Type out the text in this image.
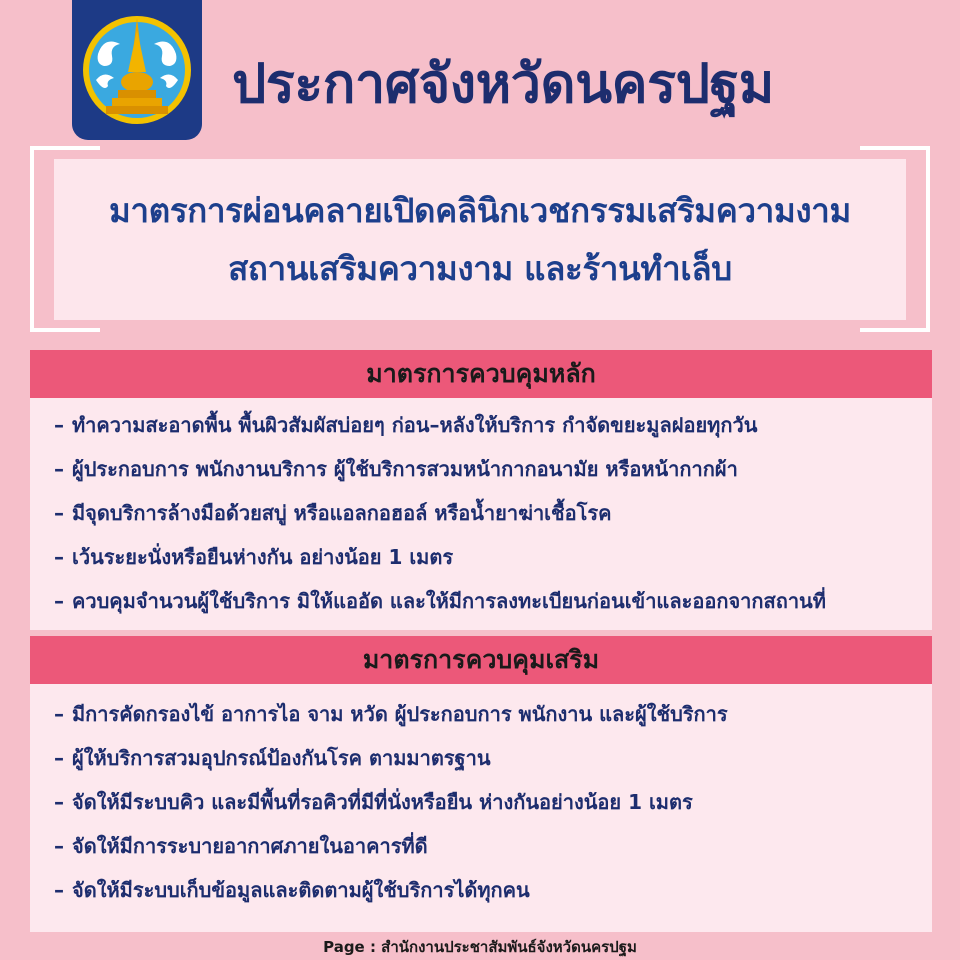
ประกาศจังหวัดนครปฐม
มาตรการผ่อนคลายเปิดคลินิกเวชกรรมเสริมความงาม
สถานเสริมความงาม และร้านทำเล็บ
มาตรการควบคุมหลัก
– ทำความสะอาดพื้น พื้นผิวสัมผัสบ่อยๆ ก่อน–หลังให้บริการ กำจัดขยะมูลฝอยทุกวัน
– ผู้ประกอบการ พนักงานบริการ ผู้ใช้บริการสวมหน้ากากอนามัย หรือหน้ากากผ้า
– มีจุดบริการล้างมือด้วยสบู่ หรือแอลกอฮอล์ หรือน้ำยาฆ่าเชื้อโรค
– เว้นระยะนั่งหรือยืนห่างกัน อย่างน้อย 1 เมตร
– ควบคุมจำนวนผู้ใช้บริการ มิให้แออัด และให้มีการลงทะเบียนก่อนเข้าและออกจากสถานที่
มาตรการควบคุมเสริม
– มีการคัดกรองไข้ อาการไอ จาม หวัด ผู้ประกอบการ พนักงาน และผู้ใช้บริการ
– ผู้ให้บริการสวมอุปกรณ์ป้องกันโรค ตามมาตรฐาน
– จัดให้มีระบบคิว และมีพื้นที่รอคิวที่มีที่นั่งหรือยืน ห่างกันอย่างน้อย 1 เมตร
– จัดให้มีการระบายอากาศภายในอาคารที่ดี
– จัดให้มีระบบเก็บข้อมูลและติดตามผู้ใช้บริการได้ทุกคน
Page : สำนักงานประชาสัมพันธ์จังหวัดนครปฐม
